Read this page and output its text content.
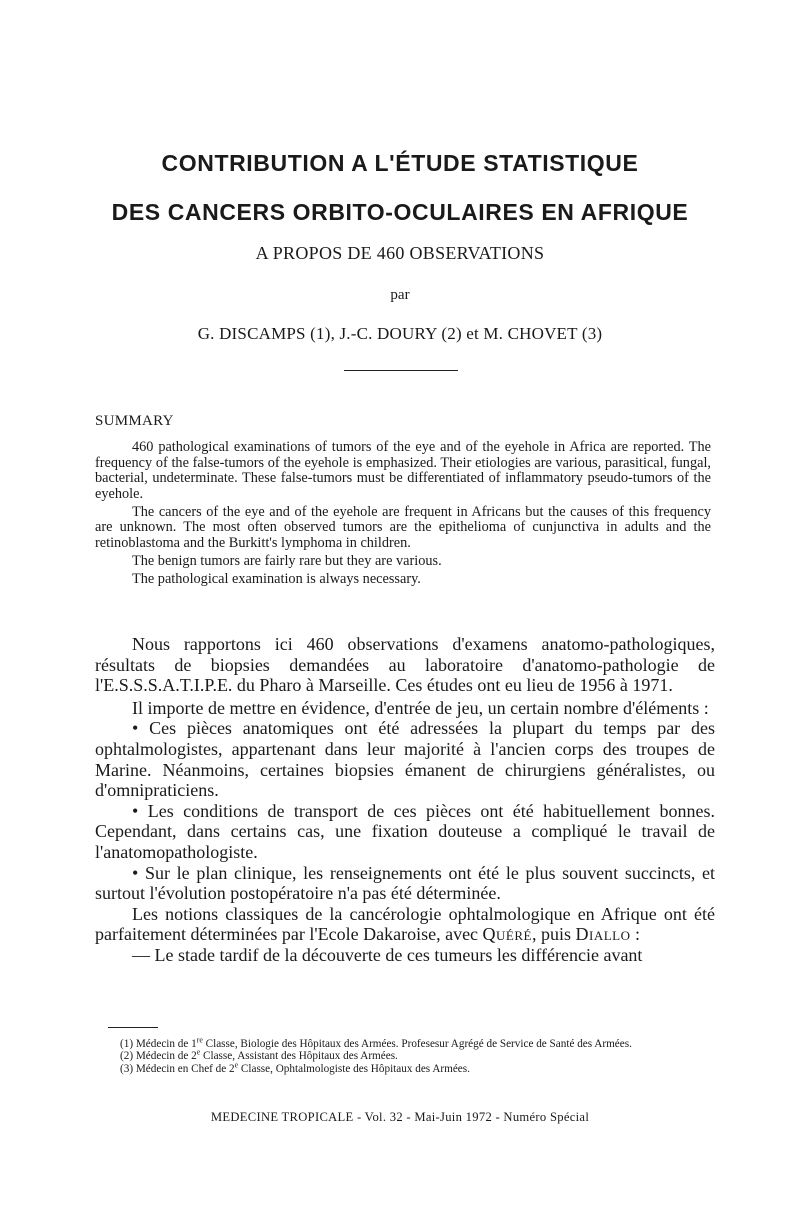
CONTRIBUTION A L'ÉTUDE STATISTIQUE
DES CANCERS ORBITO-OCULAIRES EN AFRIQUE
A PROPOS DE 460 OBSERVATIONS
par
G. DISCAMPS (1), J.-C. DOURY (2) et M. CHOVET (3)
SUMMARY

460 pathological examinations of tumors of the eye and of the eyehole in Africa are reported. The frequency of the false-tumors of the eyehole is emphasized. Their etiologies are various, parasitical, fungal, bacterial, undeterminate. These false-tumors must be differentiated of inflammatory pseudo-tumors of the eyehole.

The cancers of the eye and of the eyehole are frequent in Africans but the causes of this frequency are unknown. The most often observed tumors are the epithelioma of cunjunctiva in adults and the retinoblastoma and the Burkitt's lymphoma in children.

The benign tumors are fairly rare but they are various.

The pathological examination is always necessary.

Nous rapportons ici 460 observations d'examens anatomo-pathologiques, résultats de biopsies demandées au laboratoire d'anatomo-pathologie de l'E.S.S.S.A.T.I.P.E. du Pharo à Marseille. Ces études ont eu lieu de 1956 à 1971.

Il importe de mettre en évidence, d'entrée de jeu, un certain nombre d'éléments :

• Ces pièces anatomiques ont été adressées la plupart du temps par des ophtalmologistes, appartenant dans leur majorité à l'ancien corps des troupes de Marine. Néanmoins, certaines biopsies émanent de chirurgiens généralistes, ou d'omnipraticiens.

• Les conditions de transport de ces pièces ont été habituellement bonnes. Cependant, dans certains cas, une fixation douteuse a compliqué le travail de l'anatomopathologiste.

• Sur le plan clinique, les renseignements ont été le plus souvent succincts, et surtout l'évolution postopératoire n'a pas été déterminée.

Les notions classiques de la cancérologie ophtalmologique en Afrique ont été parfaitement déterminées par l'Ecole Dakaroise, avec Quéré, puis Diallo :

— Le stade tardif de la découverte de ces tumeurs les différencie avant

(1) Médecin de 1re Classe, Biologie des Hôpitaux des Armées. Profesesur Agrégé de Service de Santé des Armées.

(2) Médecin de 2e Classe, Assistant des Hôpitaux des Armées.

(3) Médecin en Chef de 2e Classe, Ophtalmologiste des Hôpitaux des Armées.

MEDECINE TROPICALE - Vol. 32 - Mai-Juin 1972 - Numéro Spécial
